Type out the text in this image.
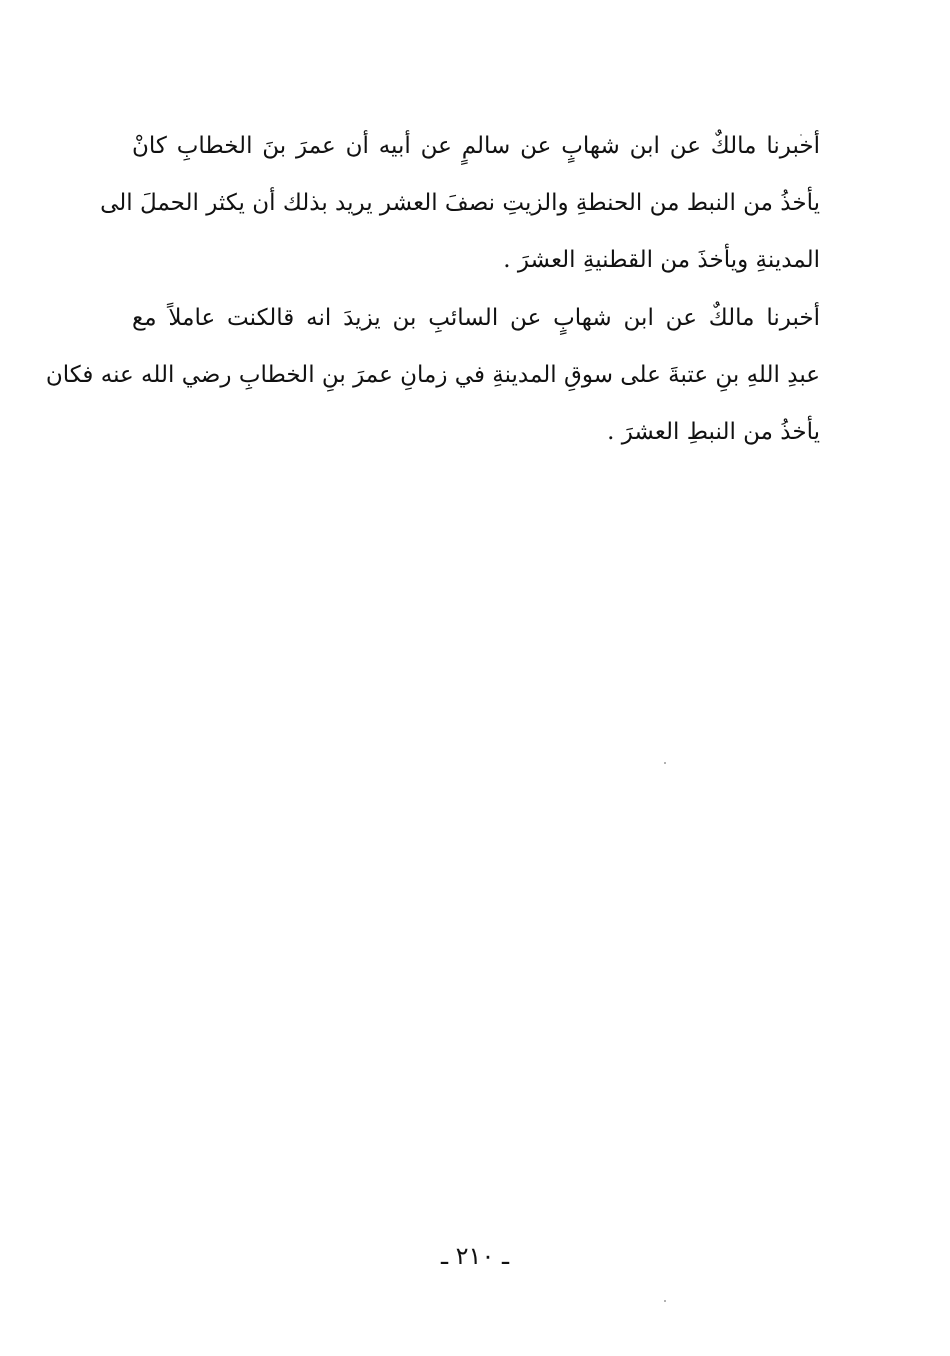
أخبرنا مالكٌ عن ابن شهابٍ عن سالمٍ عن أبيه أن عمرَ بنَ الخطابِ كانْ
يأخذُ من النبط من الحنطةِ والزيتِ نصفَ العشر يريد بذلك أن يكثر الحملَ الى
المدينةِ ويأخذَ من القطنيةِ العشرَ .
أخبرنا مالكٌ عن ابن شهابٍ عن السائبِ بن يزيدَ انه قالكنت عاملاً مع
عبدِ اللهِ بنِ عتبةَ على سوقِ المدينةِ في زمانِ عمرَ بنِ الخطابِ رضي الله عنه فكان
يأخذُ من النبطِ العشرَ .
ـ ٢١٠ ـ
